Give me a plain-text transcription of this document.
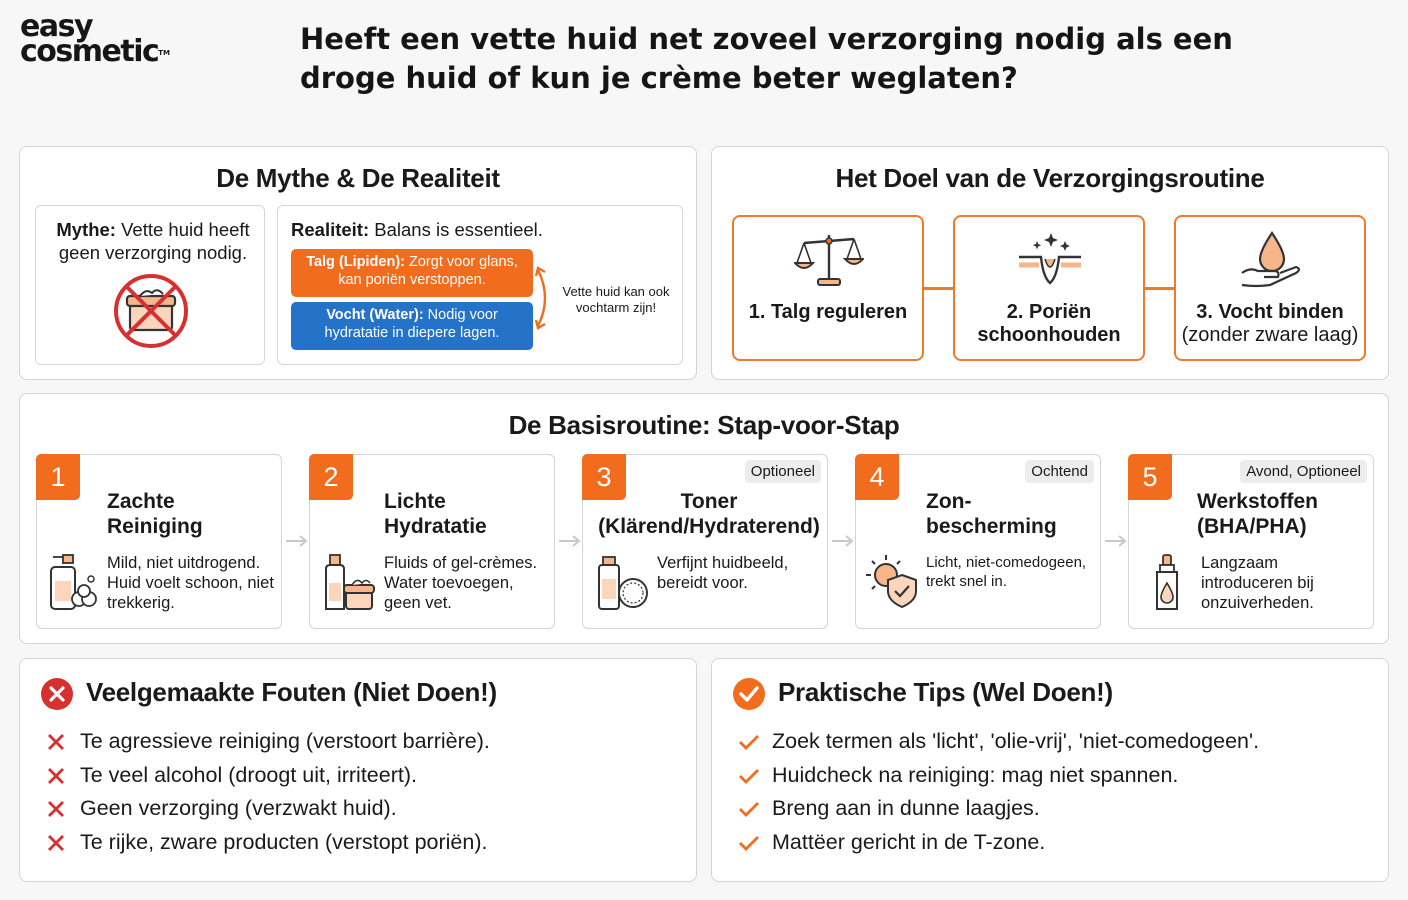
easy
cosmetic™	Heeft een vette huid net zoveel verzorging nodig als een
droge huid of kun je crème beter weglaten?
De Mythe & De Realiteit
Mythe: Vette huid heeft geen verzorging nodig.
Realiteit: Balans is essentieel.
Talg (Lipiden): Zorgt voor glans, kan poriën verstoppen.
Vocht (Water): Nodig voor hydratatie in diepere lagen.
Vette huid kan ook vochtarm zijn!
Het Doel van de Verzorgingsroutine
1. Talg reguleren	2. Poriën schoonhouden
3. Vocht binden
(zonder zware laag)
De Basisroutine: Stap-voor-Stap
1
Zachte
Reiniging
Mild, niet uitdrogend. Huid voelt schoon, niet trekkerig.
2
Lichte
Hydratatie
Fluids of gel-crèmes. Water toevoegen, geen vet.
3	Optioneel
Toner
(Klärend/Hydraterend)
Verfijnt huidbeeld, bereidt voor.
4	Ochtend
Zon-
bescherming
Licht, niet-comedogeen, trekt snel in.
5	Avond, Optioneel
Werkstoffen
(BHA/PHA)
Langzaam introduceren bij onzuiverheden.
Veelgemaakte Fouten (Niet Doen!)
Te agressieve reiniging (verstoort barrière).
Te veel alcohol (droogt uit, irriteert).
Geen verzorging (verzwakt huid).
Te rijke, zware producten (verstopt poriën).
Praktische Tips (Wel Doen!)
Zoek termen als 'licht', 'olie-vrij', 'niet-comedogeen'.
Huidcheck na reiniging: mag niet spannen.
Breng aan in dunne laagjes.
Mattëer gericht in de T-zone.
